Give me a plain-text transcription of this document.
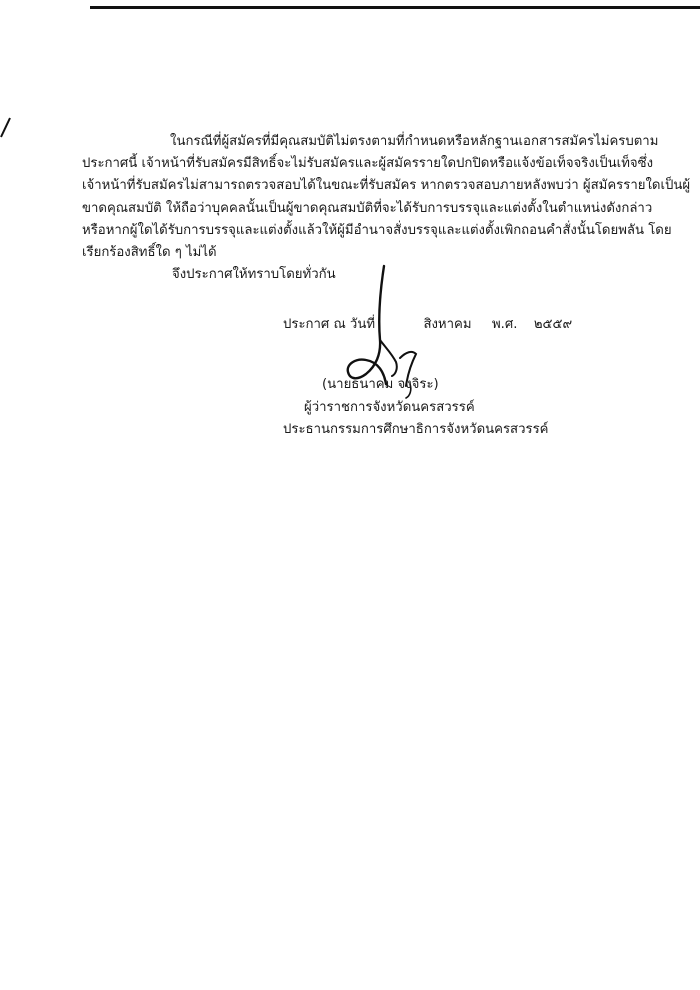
ในกรณีที่ผู้สมัครที่มีคุณสมบัติไม่ตรงตามที่กำหนดหรือหลักฐานเอกสารสมัครไม่ครบตาม
ประกาศนี้ เจ้าหน้าที่รับสมัครมีสิทธิ์จะไม่รับสมัครและผู้สมัครรายใดปกปิดหรือแจ้งข้อเท็จจริงเป็นเท็จซึ่ง
เจ้าหน้าที่รับสมัครไม่สามารถตรวจสอบได้ในขณะที่รับสมัคร หากตรวจสอบภายหลังพบว่า ผู้สมัครรายใดเป็นผู้
ขาดคุณสมบัติ ให้ถือว่าบุคคลนั้นเป็นผู้ขาดคุณสมบัติที่จะได้รับการบรรจุและแต่งตั้งในตำแหน่งดังกล่าว
หรือหากผู้ใดได้รับการบรรจุและแต่งตั้งแล้วให้ผู้มีอำนาจสั่งบรรจุและแต่งตั้งเพิกถอนคำสั่งนั้นโดยพลัน โดย
เรียกร้องสิทธิ์ใด ๆ ไม่ได้
จึงประกาศให้ทราบโดยทั่วกัน
ประกาศ ณ วันที่	สิงหาคม พ.ศ. ๒๕๕๙
(นายธนาคม จงจิระ)
ผู้ว่าราชการจังหวัดนครสวรรค์
ประธานกรรมการศึกษาธิการจังหวัดนครสวรรค์
